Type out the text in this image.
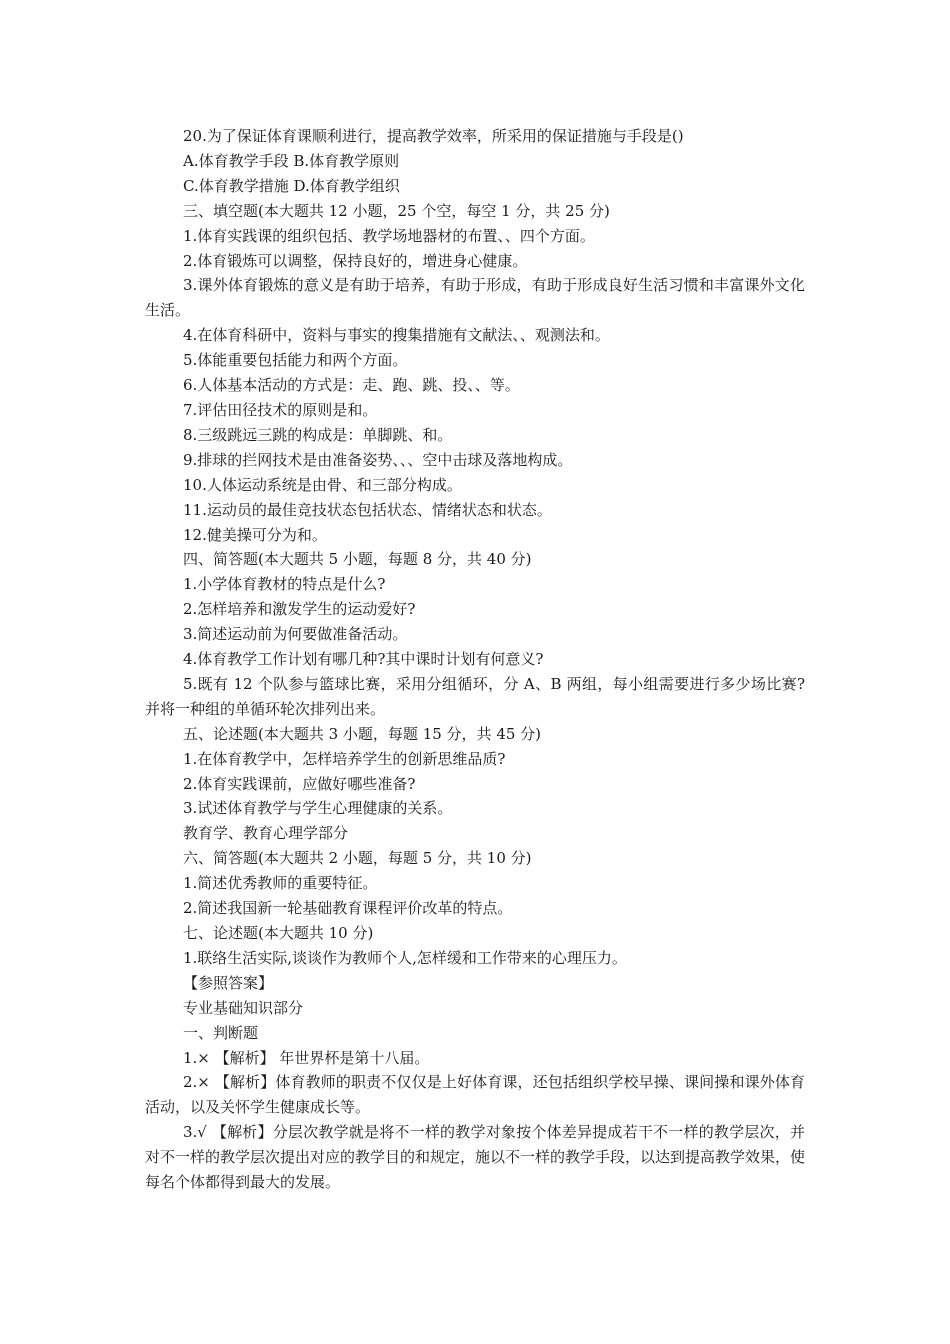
20.为了保证体育课顺利进行，提高教学效率，所采用的保证措施与手段是()

A.体育教学手段 B.体育教学原则

C.体育教学措施 D.体育教学组织

三、填空题(本大题共 12 小题，25 个空，每空 1 分，共 25 分)

1.体育实践课的组织包括、教学场地器材的布置、、四个方面。

2.体育锻炼可以调整，保持良好的，增进身心健康。

3.课外体育锻炼的意义是有助于培养，有助于形成，有助于形成良好生活习惯和丰富课外文化生活。

4.在体育科研中，资料与事实的搜集措施有文献法、、观测法和。

5.体能重要包括能力和两个方面。

6.人体基本活动的方式是：走、跑、跳、投、、等。

7.评估田径技术的原则是和。

8.三级跳远三跳的构成是：单脚跳、和。

9.排球的拦网技术是由准备姿势、、、空中击球及落地构成。

10.人体运动系统是由骨、和三部分构成。

11.运动员的最佳竞技状态包括状态、情绪状态和状态。

12.健美操可分为和。

四、简答题(本大题共 5 小题，每题 8 分，共 40 分)

1.小学体育教材的特点是什么?

2.怎样培养和激发学生的运动爱好?

3.简述运动前为何要做准备活动。

4.体育教学工作计划有哪几种?其中课时计划有何意义?

5.既有 12 个队参与篮球比赛，采用分组循环，分 A、B 两组，每小组需要进行多少场比赛?并将一种组的单循环轮次排列出来。

五、论述题(本大题共 3 小题，每题 15 分，共 45 分)

1.在体育教学中，怎样培养学生的创新思维品质?

2.体育实践课前，应做好哪些准备?

3.试述体育教学与学生心理健康的关系。

教育学、教育心理学部分

六、简答题(本大题共 2 小题，每题 5 分，共 10 分)

1.简述优秀教师的重要特征。

2.简述我国新一轮基础教育课程评价改革的特点。

七、论述题(本大题共 10 分)

1.联络生活实际,谈谈作为教师个人,怎样缓和工作带来的心理压力。

【参照答案】

专业基础知识部分

一、判断题

1.× 【解析】 年世界杯是第十八届。

2.× 【解析】体育教师的职责不仅仅是上好体育课，还包括组织学校早操、课间操和课外体育活动，以及关怀学生健康成长等。

3.√ 【解析】分层次教学就是将不一样的教学对象按个体差异提成若干不一样的教学层次，并对不一样的教学层次提出对应的教学目的和规定，施以不一样的教学手段，以达到提高教学效果，使每名个体都得到最大的发展。
